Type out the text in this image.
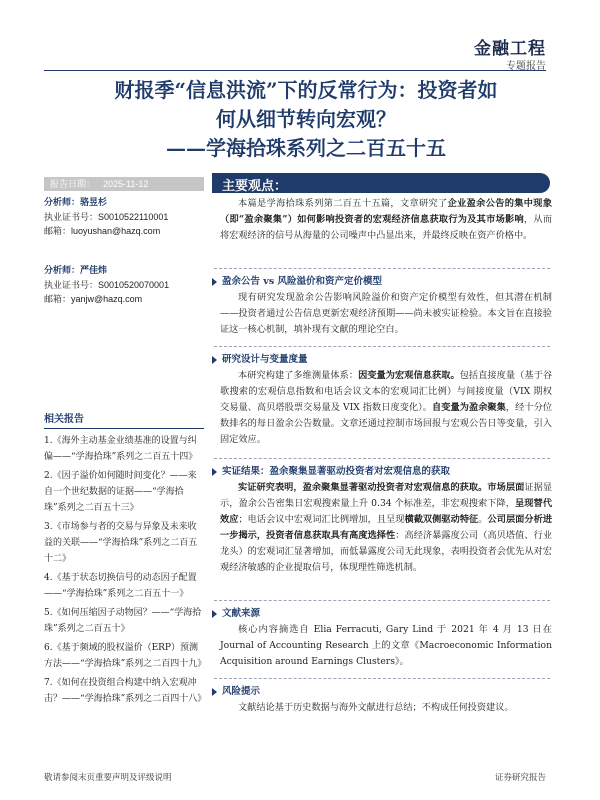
金融工程
专题报告
财报季“信息洪流”下的反常行为：投资者如
何从细节转向宏观？
——学海拾珠系列之二百五十五
报告日期： 2025-11-12	主要观点：
分析师：骆昱杉
执业证书号：S0010522110001
邮箱：luoyushan@hazq.com
分析师：严佳炜
执业证书号：S0010520070001
邮箱：yanjw@hazq.com
相关报告
1.《海外主动基金业绩基准的设置与纠偏——“学海拾珠”系列之二百五十四》
2.《因子溢价如何随时间变化？——来自一个世纪数据的证据——“学海拾珠”系列之二百五十三》
3.《市场参与者的交易与异象及未来收益的关联——“学海拾珠”系列之二百五十二》
4.《基于状态切换信号的动态因子配置——“学海拾珠”系列之二百五十一》
5.《如何压缩因子动物园？——“学海拾珠”系列之二百五十》
6.《基于频域的股权溢价（ERP）预测方法——“学海拾珠”系列之二百四十九》
7.《如何在投资组合构建中纳入宏观冲击？——“学海拾珠”系列之二百四十八》
本篇是学海拾珠系列第二百五十五篇，文章研究了企业盈余公告的集中现象（即“盈余聚集”）如何影响投资者的宏观经济信息获取行为及其市场影响，从而将宏观经济的信号从海量的公司噪声中凸显出来，并最终反映在资产价格中。
盈余公告 vs 风险溢价和资产定价模型
现有研究发现盈余公告影响风险溢价和资产定价模型有效性，但其潜在机制——投资者通过公告信息更新宏观经济预期——尚未被实证检验。本文旨在直接验证这一核心机制，填补现有文献的理论空白。
研究设计与变量度量
本研究构建了多维测量体系：因变量为宏观信息获取。包括直接度量（基于谷歌搜索的宏观信息指数和电话会议文本的宏观词汇比例）与间接度量（VIX 期权交易量、高贝塔股票交易量及 VIX 指数日度变化）。自变量为盈余聚集，经十分位数排名的每日盈余公告数量。文章还通过控制市场回报与宏观公告日等变量，引入固定效应。
实证结果：盈余聚集显著驱动投资者对宏观信息的获取
实证研究表明，盈余聚集显著驱动投资者对宏观信息的获取。市场层面证据显示，盈余公告密集日宏观搜索量上升 0.34 个标准差，非宏观搜索下降，呈现替代效应；电话会议中宏观词汇比例增加，且呈现横截双侧驱动特征。公司层面分析进一步揭示，投资者信息获取具有高度选择性：高经济暴露度公司（高贝塔值、行业龙头）的宏观词汇显著增加，而低暴露度公司无此现象，表明投资者会优先从对宏观经济敏感的企业提取信号，体现理性筛选机制。
文献来源
核心内容摘选自 Elia Ferracuti, Gary Lind 于 2021 年 4 月 13 日在 Journal of Accounting Research 上的文章《Macroeconomic Information Acquisition around Earnings Clusters》。
风险提示
文献结论基于历史数据与海外文献进行总结；不构成任何投资建议。
敬请参阅末页重要声明及评级说明	证券研究报告
